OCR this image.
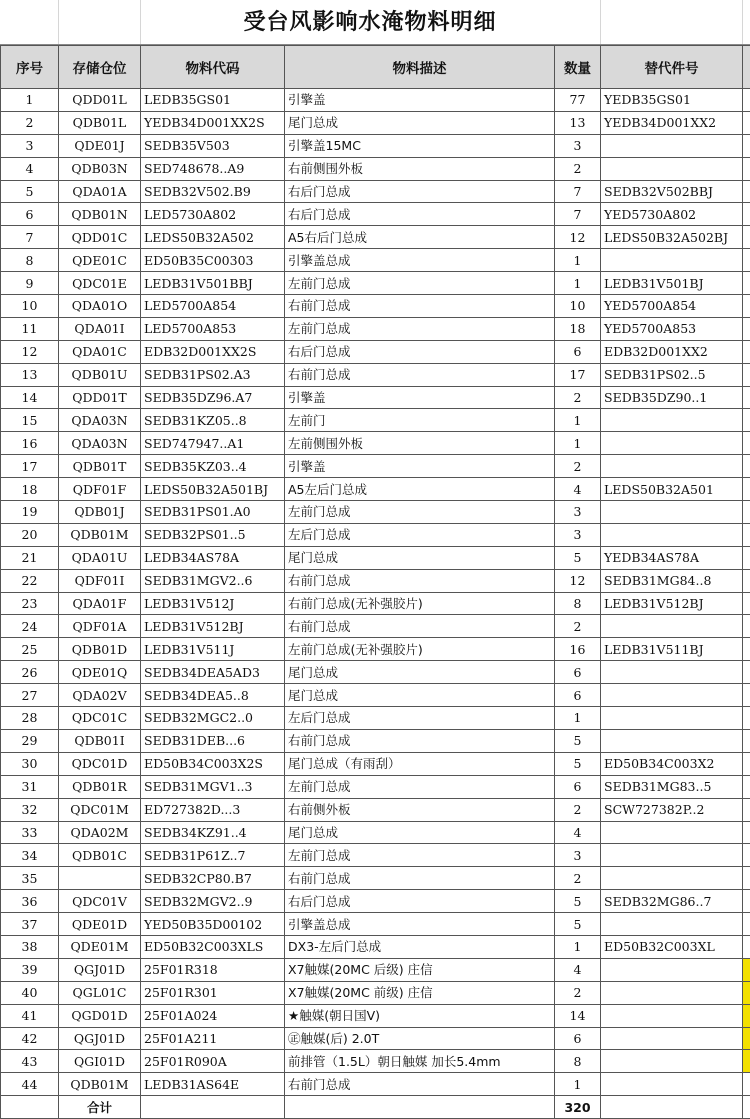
受台风影响水淹物料明细
序号	存储仓位	物料代码	物料描述	数量	替代件号	
1	QDD01L	LEDB35GS01	引擎盖	77	YEDB35GS01	
2	QDB01L	YEDB34D001XX2S	尾门总成	13	YEDB34D001XX2	
3	QDE01J	SEDB35V503	引擎盖15MC	3		
4	QDB03N	SED748678..A9	右前侧围外板	2		
5	QDA01A	SEDB32V502.B9	右后门总成	7	SEDB32V502BBJ	
6	QDB01N	LED5730A802	右后门总成	7	YED5730A802	
7	QDD01C	LEDS50B32A502	A5右后门总成	12	LEDS50B32A502BJ	
8	QDE01C	ED50B35C00303	引擎盖总成	1		
9	QDC01E	LEDB31V501BBJ	左前门总成	1	LEDB31V501BJ	
10	QDA01O	LED5700A854	右前门总成	10	YED5700A854	
11	QDA01I	LED5700A853	左前门总成	18	YED5700A853	
12	QDA01C	EDB32D001XX2S	右后门总成	6	EDB32D001XX2	
13	QDB01U	SEDB31PS02.A3	右前门总成	17	SEDB31PS02..5	
14	QDD01T	SEDB35DZ96.A7	引擎盖	2	SEDB35DZ90..1	
15	QDA03N	SEDB31KZ05..8	左前门	1		
16	QDA03N	SED747947..A1	左前侧围外板	1		
17	QDB01T	SEDB35KZ03..4	引擎盖	2		
18	QDF01F	LEDS50B32A501BJ	A5左后门总成	4	LEDS50B32A501	
19	QDB01J	SEDB31PS01.A0	左前门总成	3		
20	QDB01M	SEDB32PS01..5	左后门总成	3		
21	QDA01U	LEDB34AS78A	尾门总成	5	YEDB34AS78A	
22	QDF01I	SEDB31MGV2..6	右前门总成	12	SEDB31MG84..8	
23	QDA01F	LEDB31V512J	右前门总成(无补强胶片)	8	LEDB31V512BJ	
24	QDF01A	LEDB31V512BJ	右前门总成	2		
25	QDB01D	LEDB31V511J	左前门总成(无补强胶片)	16	LEDB31V511BJ	
26	QDE01Q	SEDB34DEA5AD3	尾门总成	6		
27	QDA02V	SEDB34DEA5..8	尾门总成	6		
28	QDC01C	SEDB32MGC2..0	左后门总成	1		
29	QDB01I	SEDB31DEB...6	右前门总成	5		
30	QDC01D	ED50B34C003X2S	尾门总成（有雨刮）	5	ED50B34C003X2	
31	QDB01R	SEDB31MGV1..3	左前门总成	6	SEDB31MG83..5	
32	QDC01M	ED727382D...3	右前侧外板	2	SCW727382P..2	
33	QDA02M	SEDB34KZ91..4	尾门总成	4		
34	QDB01C	SEDB31P61Z..7	左前门总成	3		
35		SEDB32CP80.B7	右前门总成	2		
36	QDC01V	SEDB32MGV2..9	右后门总成	5	SEDB32MG86..7	
37	QDE01D	YED50B35D00102	引擎盖总成	5		
38	QDE01M	ED50B32C003XLS	DX3-左后门总成	1	ED50B32C003XL	
39	QGJ01D	25F01R318	X7触媒(20MC 后级) 庄信	4		
40	QGL01C	25F01R301	X7触媒(20MC 前级) 庄信	2		
41	QGD01D	25F01A024	★触媒(朝日国V)	14		
42	QGJ01D	25F01A211	㊣触媒(后) 2.0T	6		
43	QGI01D	25F01R090A	前排管（1.5L）朝日触媒 加长5.4mm	8		
44	QDB01M	LEDB31AS64E	右前门总成	1		
	合计			320		
